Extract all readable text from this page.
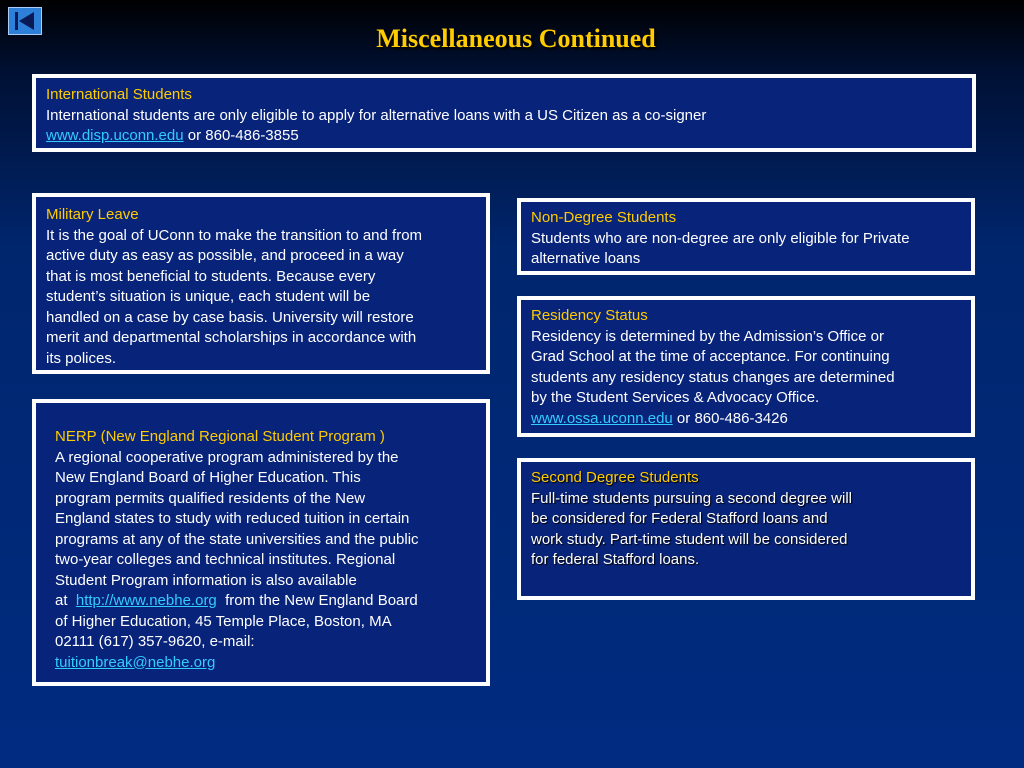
Miscellaneous Continued
International Students
International students are only eligible to apply for alternative loans with a US Citizen as a co-signer
www.disp.uconn.edu or 860-486-3855
Military Leave
It is the goal of UConn to make the transition to and from
active duty as easy as possible, and proceed in a way
that is most beneficial to students. Because every
student’s situation is unique, each student will be
handled on a case by case basis. University will restore
merit and departmental scholarships in accordance with
its polices.
NERP (New England Regional Student Program )
A regional cooperative program administered by the
New England Board of Higher Education. This
program permits qualified residents of the New
England states to study with reduced tuition in certain
programs at any of the state universities and the public
two-year colleges and technical institutes. Regional
Student Program information is also available
at  http://www.nebhe.org  from the New England Board
of Higher Education, 45 Temple Place, Boston, MA
02111 (617) 357-9620, e-mail:
tuitionbreak@nebhe.org
Non-Degree Students
Students who are non-degree are only eligible for Private
alternative loans
Residency Status
Residency is determined by the Admission’s Office or
Grad School at the time of acceptance. For continuing
students any residency status changes are determined
by the Student Services & Advocacy Office.
www.ossa.uconn.edu or 860-486-3426
Second Degree Students
Full-time students pursuing a second degree will
be considered for Federal Stafford loans and
work study. Part-time student will be considered
for federal Stafford loans.
